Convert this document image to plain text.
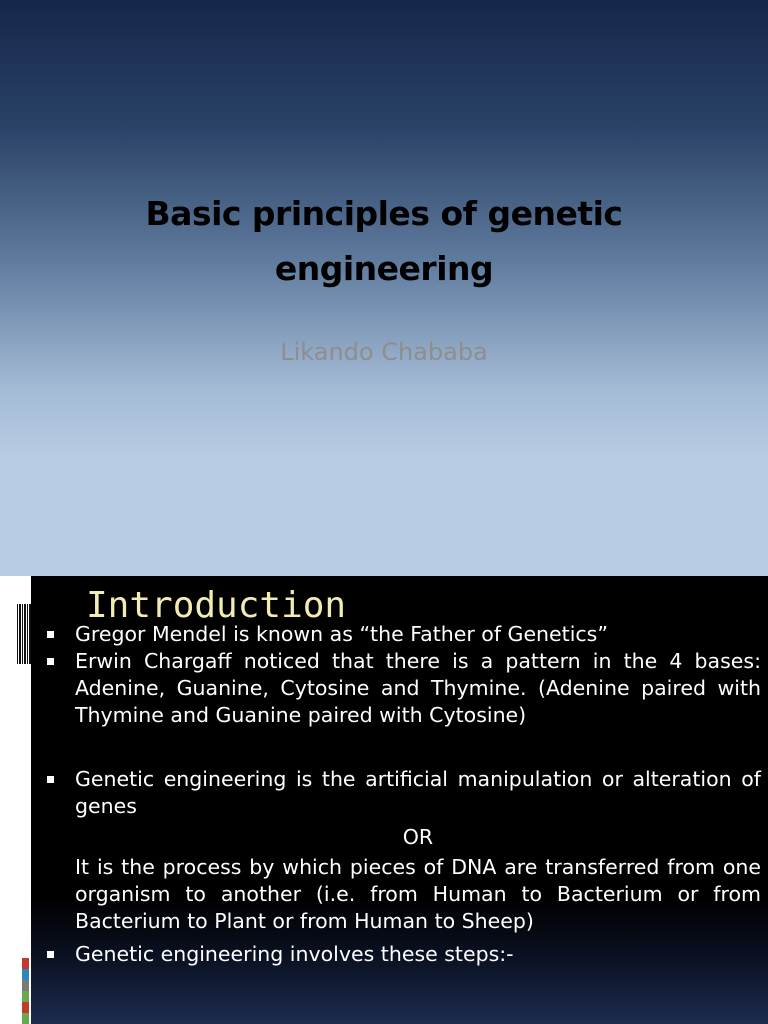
Basic principles of genetic
engineering
Likando Chababa
Introduction
Gregor Mendel is known as “the Father of Genetics”
Erwin Chargaff noticed that there is a pattern in the 4 bases: Adenine, Guanine, Cytosine and Thymine. (Adenine paired with Thymine and Guanine paired with Cytosine)
Genetic engineering is the artificial manipulation or alteration of genes
OR
It is the process by which pieces of DNA are transferred from one organism to another (i.e. from Human to Bacterium or from Bacterium to Plant or from Human to Sheep)
Genetic engineering involves these steps:-
